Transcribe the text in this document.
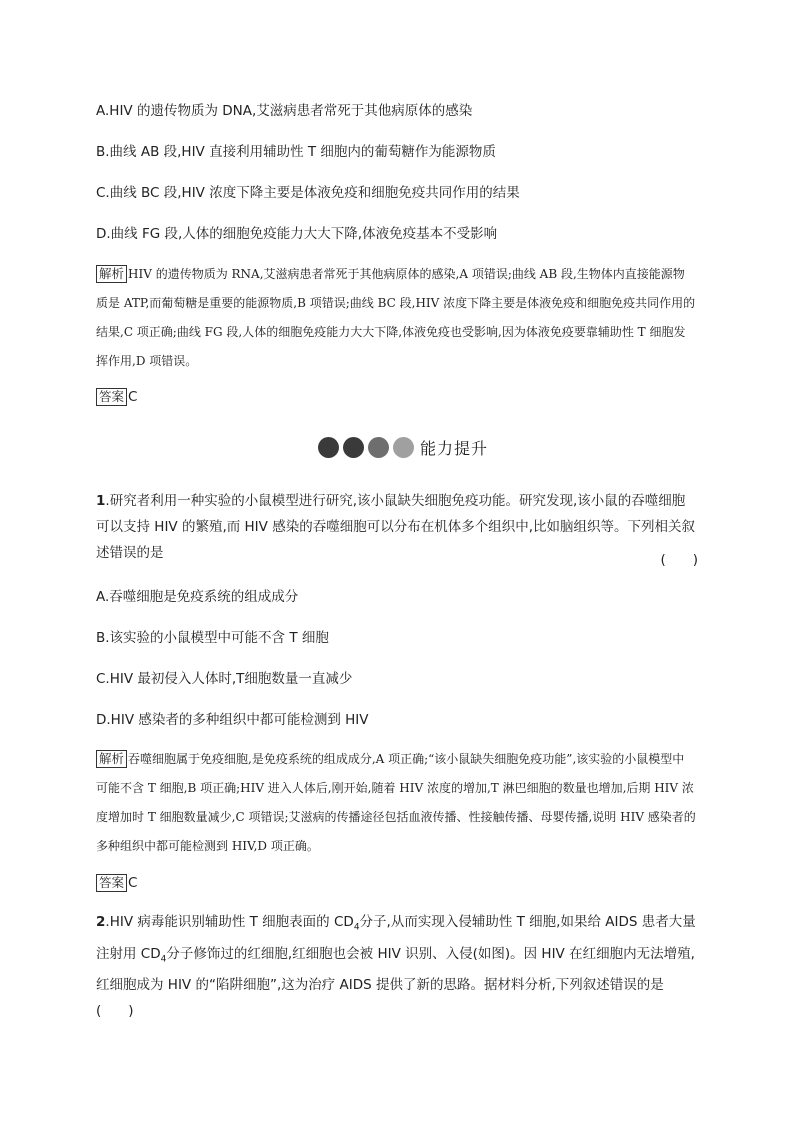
A.HIV 的遗传物质为 DNA,艾滋病患者常死于其他病原体的感染
B.曲线 AB 段,HIV 直接利用辅助性 T 细胞内的葡萄糖作为能源物质
C.曲线 BC 段,HIV 浓度下降主要是体液免疫和细胞免疫共同作用的结果
D.曲线 FG 段,人体的细胞免疫能力大大下降,体液免疫基本不受影响
解析 HIV 的遗传物质为 RNA,艾滋病患者常死于其他病原体的感染,A 项错误;曲线 AB 段,生物体内直接能源物质是 ATP,而葡萄糖是重要的能源物质,B 项错误;曲线 BC 段,HIV 浓度下降主要是体液免疫和细胞免疫共同作用的结果,C 项正确;曲线 FG 段,人体的细胞免疫能力大大下降,体液免疫也受影响,因为体液免疫要靠辅助性 T 细胞发挥作用,D 项错误。
答案 C
能力提升
1.研究者利用一种实验的小鼠模型进行研究,该小鼠缺失细胞免疫功能。研究发现,该小鼠的吞噬细胞可以支持 HIV 的繁殖,而 HIV 感染的吞噬细胞可以分布在机体多个组织中,比如脑组织等。下列相关叙述错误的是	(　　)
A.吞噬细胞是免疫系统的组成成分
B.该实验的小鼠模型中可能不含 T 细胞
C.HIV 最初侵入人体时,T细胞数量一直减少
D.HIV 感染者的多种组织中都可能检测到 HIV
解析 吞噬细胞属于免疫细胞,是免疫系统的组成成分,A 项正确;“该小鼠缺失细胞免疫功能”,该实验的小鼠模型中可能不含 T 细胞,B 项正确;HIV 进入人体后,刚开始,随着 HIV 浓度的增加,T 淋巴细胞的数量也增加,后期 HIV 浓度增加时 T 细胞数量减少,C 项错误;艾滋病的传播途径包括血液传播、性接触传播、母婴传播,说明 HIV 感染者的多种组织中都可能检测到 HIV,D 项正确。
答案 C
2.HIV 病毒能识别辅助性 T 细胞表面的 $CD_4$分子,从而实现入侵辅助性 T 细胞,如果给 AIDS 患者大量注射用 $CD_4$分子修饰过的红细胞,红细胞也会被 HIV 识别、入侵(如图)。因 HIV 在红细胞内无法增殖,红细胞成为 HIV 的“陷阱细胞”,这为治疗 AIDS 提供了新的思路。据材料分析,下列叙述错误的是(　　)
